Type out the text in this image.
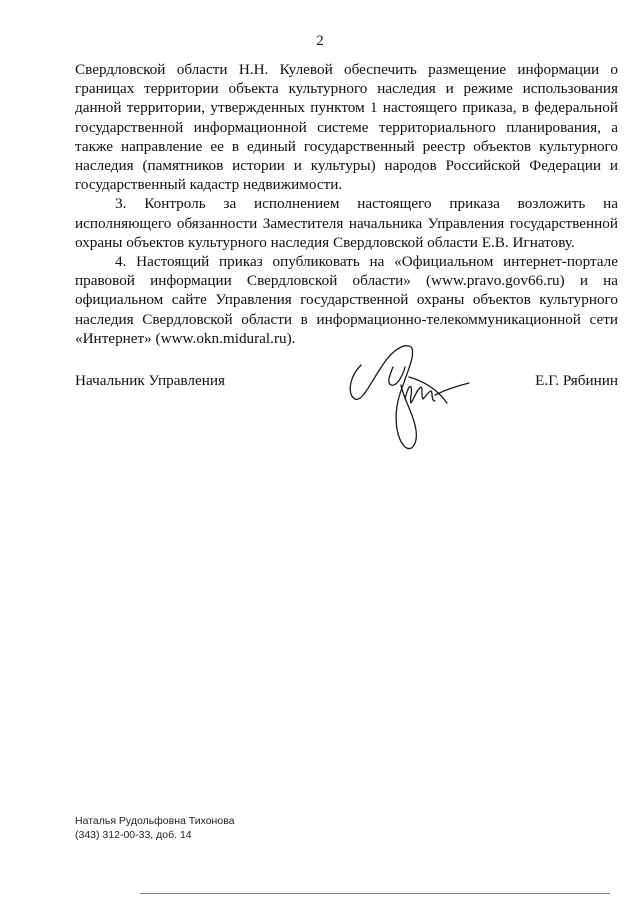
2

Свердловской области Н.Н. Кулевой обеспечить размещение информации о границах территории объекта культурного наследия и режиме использования данной территории, утвержденных пунктом 1 настоящего приказа, в федеральной государственной информационной системе территориального планирования, а также направление ее в единый государственный реестр объектов культурного наследия (памятников истории и культуры) народов Российской Федерации и государственный кадастр недвижимости.

3. Контроль за исполнением настоящего приказа возложить на исполняющего обязанности Заместителя начальника Управления государственной охраны объектов культурного наследия Свердловской области Е.В. Игнатову.

4. Настоящий приказ опубликовать на «Официальном интернет-портале правовой информации Свердловской области» (www.pravo.gov66.ru) и на официальном сайте Управления государственной охраны объектов культурного наследия Свердловской области в информационно-телекоммуникационной сети «Интернет» (www.okn.midural.ru).

Начальник Управления	Е.Г. Рябинин
Наталья Рудольфовна Тихонова
(343) 312-00-33, доб. 14
